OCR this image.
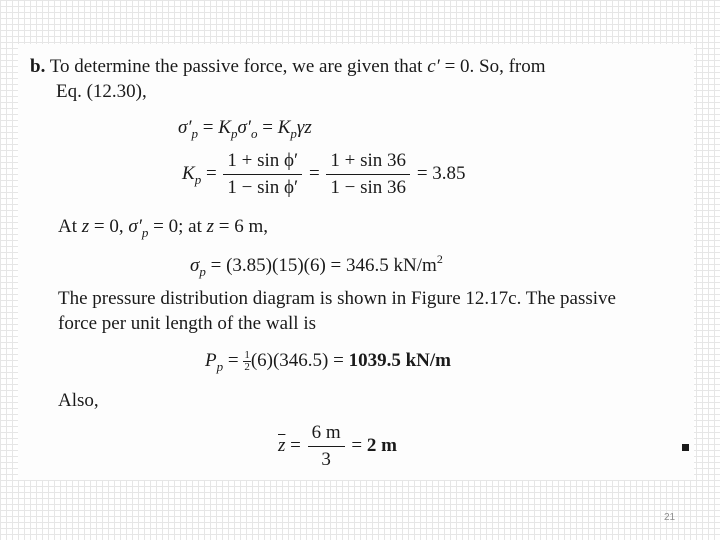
b. To determine the passive force, we are given that c′ = 0. So, from
Eq. (12.30),
$\sigma'_p = K_p\sigma'_o = K_p\gamma z$
$K_p = \frac{\text{1 + sin ϕ′}}{\text{1 − sin ϕ′}} = \frac{1 + \sin 36}{1 - \sin 36} = 3.85$
At z = 0, $\sigma'_p = 0$; at z = 6 m,
$\sigma_p = (3.85)(15)(6) = 346.5$ $kN/m^2$
The pressure distribution diagram is shown in Figure 12.17c. The passive
force per unit length of the wall is
$P_p = \frac{1}{2} (6)(346.5) = 1039.5$ kN/m
Also,
$\overline{z} = \frac{6 m}{3} = 2$ m
21
